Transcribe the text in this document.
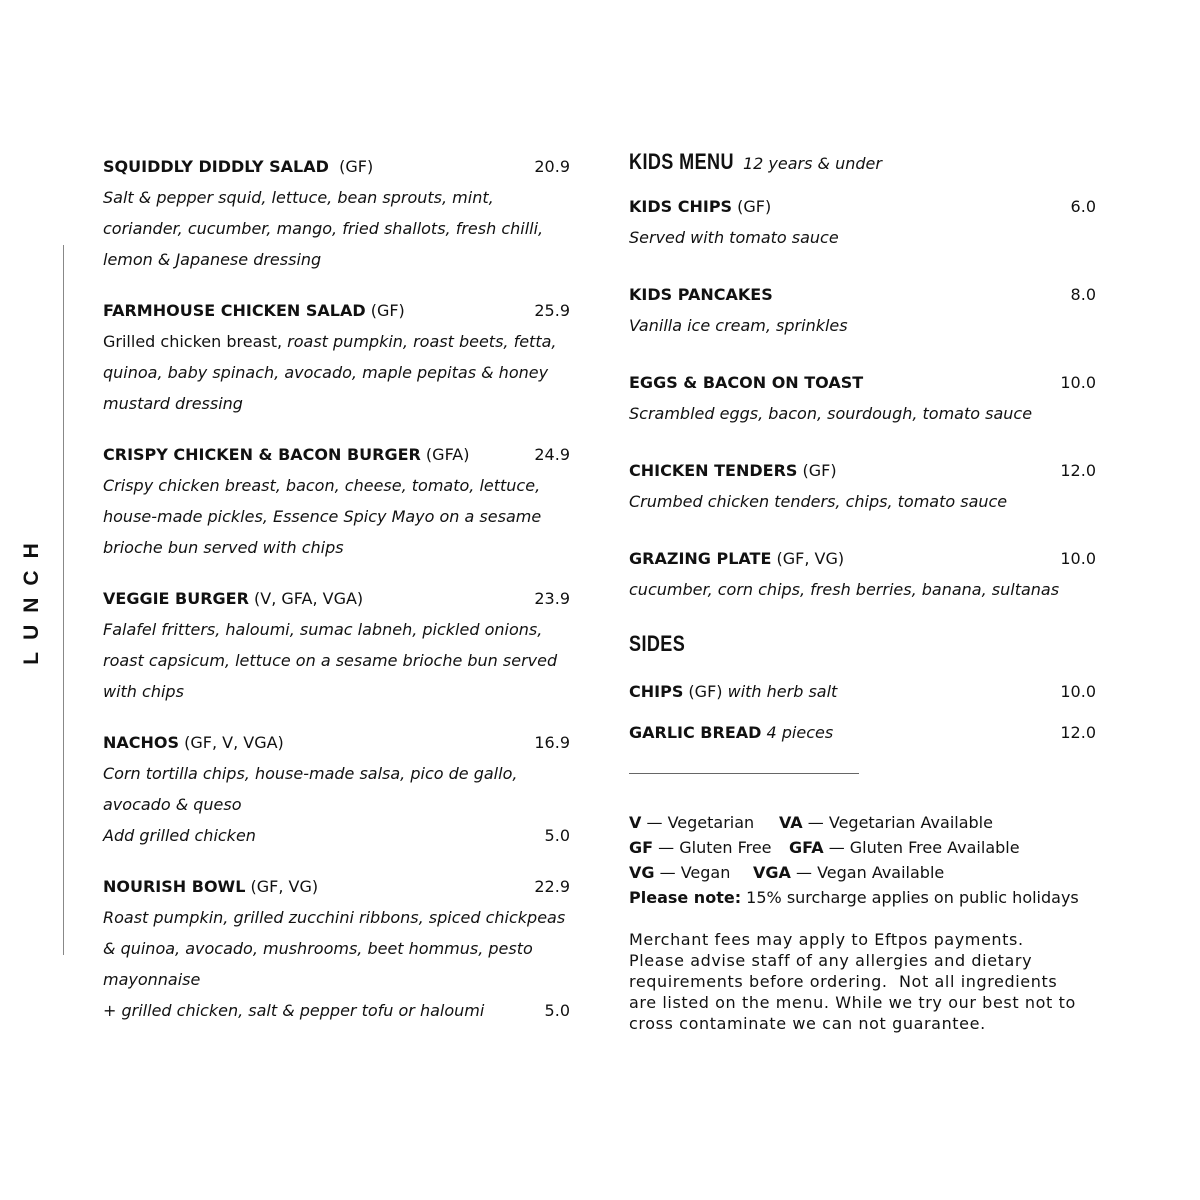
LUNCH
SQUIDDLY DIDDLY SALAD  (GF)	20.9
Salt & pepper squid, lettuce, bean sprouts, mint, coriander, cucumber, mango, fried shallots, fresh chilli, lemon & Japanese dressing
FARMHOUSE CHICKEN SALAD (GF)	25.9
Grilled chicken breast, roast pumpkin, roast beets, fetta, quinoa, baby spinach, avocado, maple pepitas & honey mustard dressing
CRISPY CHICKEN & BACON BURGER (GFA)	24.9
Crispy chicken breast, bacon, cheese, tomato, lettuce, house-made pickles, Essence Spicy Mayo on a sesame brioche bun served with chips
VEGGIE BURGER (V, GFA, VGA)	23.9
Falafel fritters, haloumi, sumac labneh, pickled onions, roast capsicum, lettuce on a sesame brioche bun served with chips
NACHOS (GF, V, VGA)	16.9
Corn tortilla chips, house-made salsa, pico de gallo, avocado & queso
Add grilled chicken	5.0
NOURISH BOWL (GF, VG)	22.9
Roast pumpkin, grilled zucchini ribbons, spiced chickpeas & quinoa, avocado, mushrooms, beet hommus, pesto mayonnaise
+ grilled chicken, salt & pepper tofu or haloumi	5.0
KIDS MENU 12 years & under
KIDS CHIPS (GF)	6.0
Served with tomato sauce
KIDS PANCAKES	8.0
Vanilla ice cream, sprinkles
EGGS & BACON ON TOAST	10.0
Scrambled eggs, bacon, sourdough, tomato sauce
CHICKEN TENDERS (GF)	12.0
Crumbed chicken tenders, chips, tomato sauce
GRAZING PLATE (GF, VG)	10.0
cucumber, corn chips, fresh berries, banana, sultanas
SIDES
CHIPS (GF) with herb salt	10.0
GARLIC BREAD 4 pieces	12.0
V — Vegetarian VA — Vegetarian Available
GF — Gluten Free GFA — Gluten Free Available
VG — Vegan VGA — Vegan Available
Please note: 15% surcharge applies on public holidays
Merchant fees may apply to Eftpos payments.
Please advise staff of any allergies and dietary
requirements before ordering.  Not all ingredients
are listed on the menu. While we try our best not to
cross contaminate we can not guarantee.
